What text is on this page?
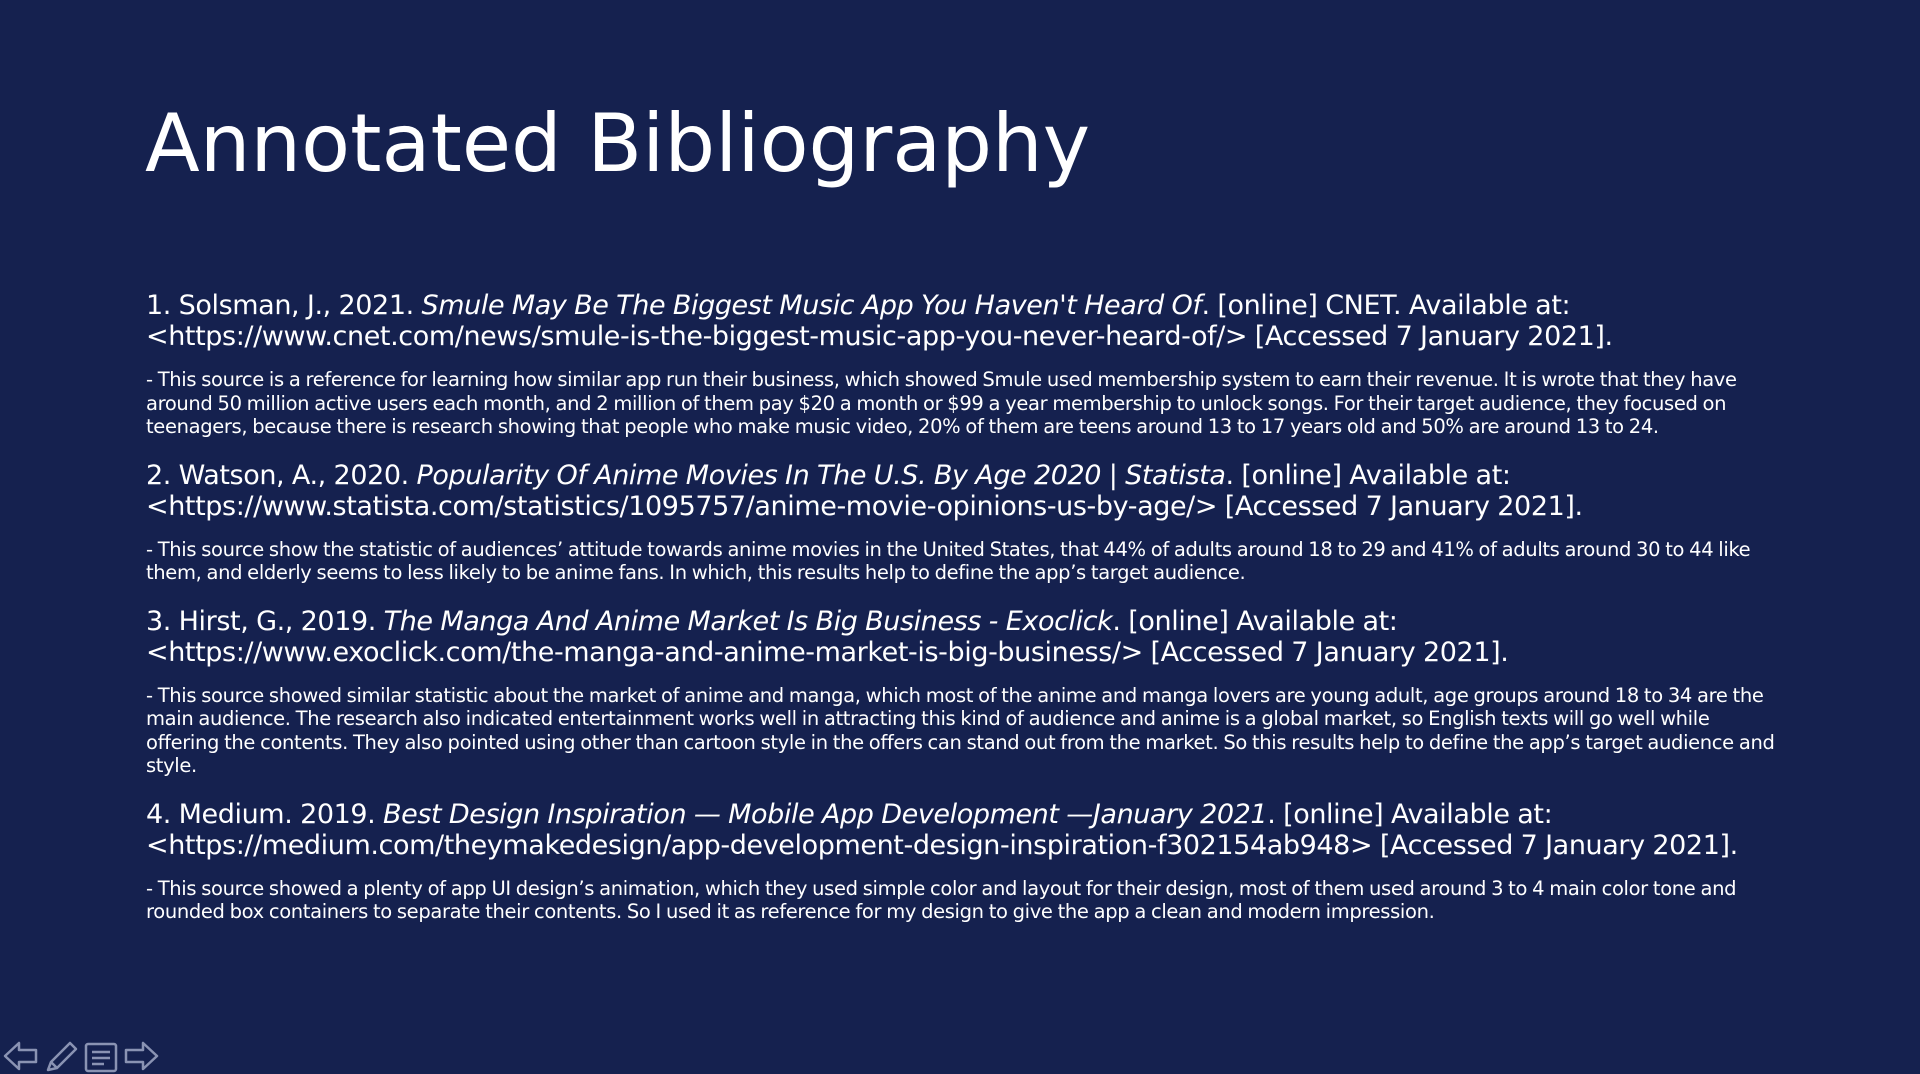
Annotated Bibliography

1. Solsman, J., 2021. Smule May Be The Biggest Music App You Haven't Heard Of. [online] CNET. Available at: <https://www.cnet.com/news/smule-is-the-biggest-music-app-you-never-heard-of/> [Accessed 7 January 2021].

- This source is a reference for learning how similar app run their business, which showed Smule used membership system to earn their revenue. It is wrote that they have around 50 million active users each month, and 2 million of them pay $20 a month or $99 a year membership to unlock songs. For their target audience, they focused on teenagers, because there is research showing that people who make music video, 20% of them are teens around 13 to 17 years old and 50% are around 13 to 24.

2. Watson, A., 2020. Popularity Of Anime Movies In The U.S. By Age 2020 | Statista. [online] Available at: <https://www.statista.com/statistics/1095757/anime-movie-opinions-us-by-age/> [Accessed 7 January 2021].

- This source show the statistic of audiences’ attitude towards anime movies in the United States, that 44% of adults around 18 to 29 and 41% of adults around 30 to 44 like them, and elderly seems to less likely to be anime fans. In which, this results help to define the app’s target audience.

3. Hirst, G., 2019. The Manga And Anime Market Is Big Business - Exoclick. [online] Available at: <https://www.exoclick.com/the-manga-and-anime-market-is-big-business/> [Accessed 7 January 2021].

- This source showed similar statistic about the market of anime and manga, which most of the anime and manga lovers are young adult, age groups around 18 to 34 are the main audience. The research also indicated entertainment works well in attracting this kind of audience and anime is a global market, so English texts will go well while offering the contents. They also pointed using other than cartoon style in the offers can stand out from the market. So this results help to define the app’s target audience and style.

4. Medium. 2019. Best Design Inspiration — Mobile App Development —January 2021. [online] Available at: <https://medium.com/theymakedesign/app-development-design-inspiration-f302154ab948> [Accessed 7 January 2021].

- This source showed a plenty of app UI design’s animation, which they used simple color and layout for their design, most of them used around 3 to 4 main color tone and rounded box containers to separate their contents. So I used it as reference for my design to give the app a clean and modern impression.
